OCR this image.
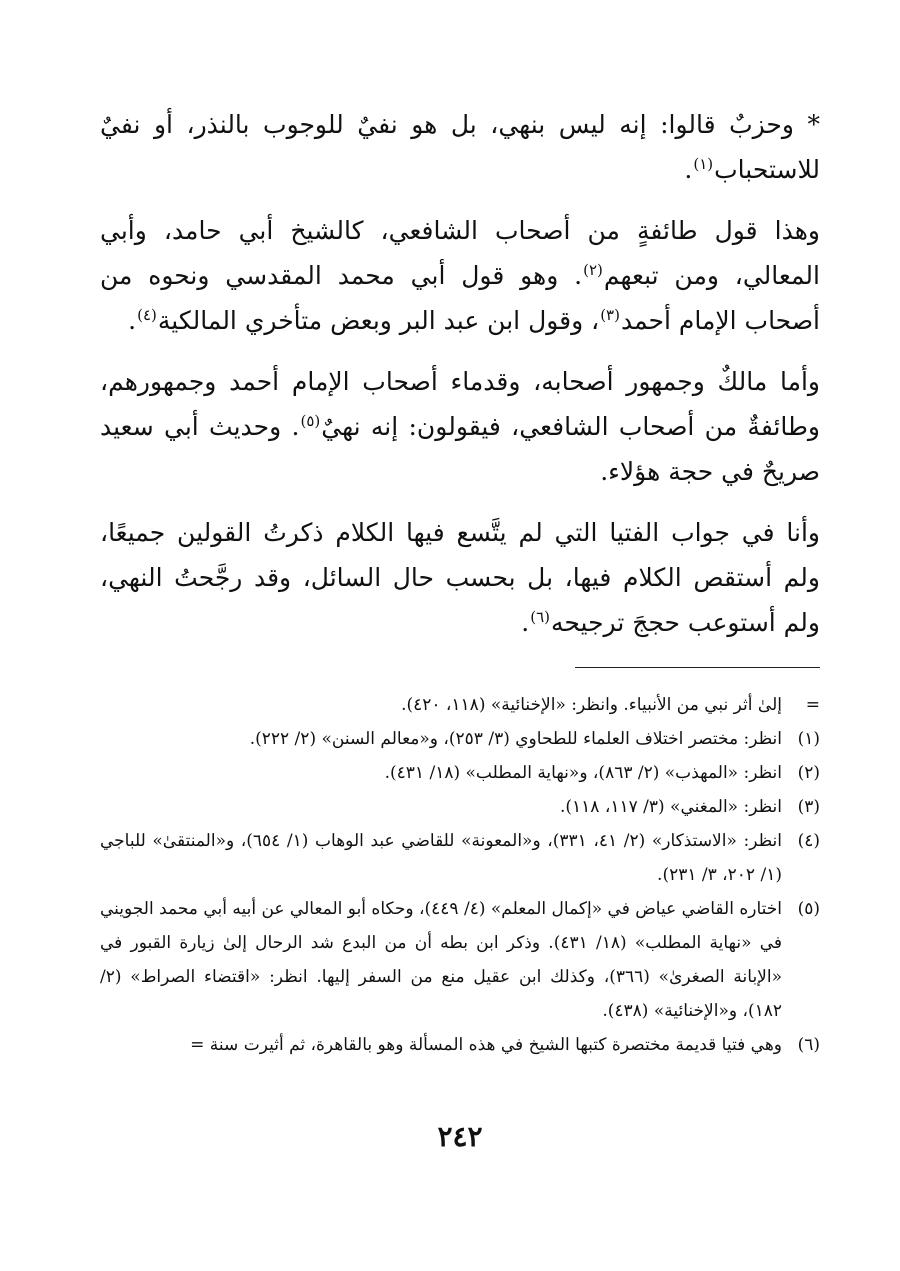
* وحزبٌ قالوا: إنه ليس بنهي، بل هو نفيٌ للوجوب بالنذر، أو نفيٌ للاستحباب$^{(١)}$.

وهذا قول طائفةٍ من أصحاب الشافعي، كالشيخ أبي حامد، وأبي المعالي، ومن تبعهم$^{(٢)}$. وهو قول أبي محمد المقدسي ونحوه من أصحاب الإمام أحمد$^{(٣)}$، وقول ابن عبد البر وبعض متأخري المالكية$^{(٤)}$.

وأما مالكٌ وجمهور أصحابه، وقدماء أصحاب الإمام أحمد وجمهورهم، وطائفةٌ من أصحاب الشافعي، فيقولون: إنه نهيٌ$^{(٥)}$. وحديث أبي سعيد صريحٌ في حجة هؤلاء.

وأنا في جواب الفتيا التي لم يتَّسع فيها الكلام ذكرتُ القولين جميعًا، ولم أستقص الكلام فيها، بل بحسب حال السائل، وقد رجَّحتُ النهي، ولم أستوعب حججَ ترجيحه$^{(٦)}$.

=
إلىٰ أثر نبي من الأنبياء. وانظر: «الإخنائية» (١١٨، ٤٢٠).
(١)
انظر: مختصر اختلاف العلماء للطحاوي (٣/ ٢٥٣)، و«معالم السنن» (٢/ ٢٢٢).
(٢)
انظر: «المهذب» (٢/ ٨٦٣)، و«نهاية المطلب» (١٨/ ٤٣١).
(٣)
انظر: «المغني» (٣/ ١١٧، ١١٨).
(٤)
انظر: «الاستذكار» (٢/ ٤١، ٣٣١)، و«المعونة» للقاضي عبد الوهاب (١/ ٦٥٤)، و«المنتقىٰ» للباجي (١/ ٢٠٢، ٣/ ٢٣١).
(٥)
اختاره القاضي عياض في «إكمال المعلم» (٤/ ٤٤٩)، وحكاه أبو المعالي عن أبيه أبي محمد الجويني في «نهاية المطلب» (١٨/ ٤٣١). وذكر ابن بطه أن من البدع شد الرحال إلىٰ زيارة القبور في «الإبانة الصغرىٰ» (٣٦٦)، وكذلك ابن عقيل منع من السفر إليها. انظر: «اقتضاء الصراط» (٢/ ١٨٢)، و«الإخنائية» (٤٣٨).
(٦)
وهي فتيا قديمة مختصرة كتبها الشيخ في هذه المسألة وهو بالقاهرة، ثم أثيرت سنة =
٢٤٢
